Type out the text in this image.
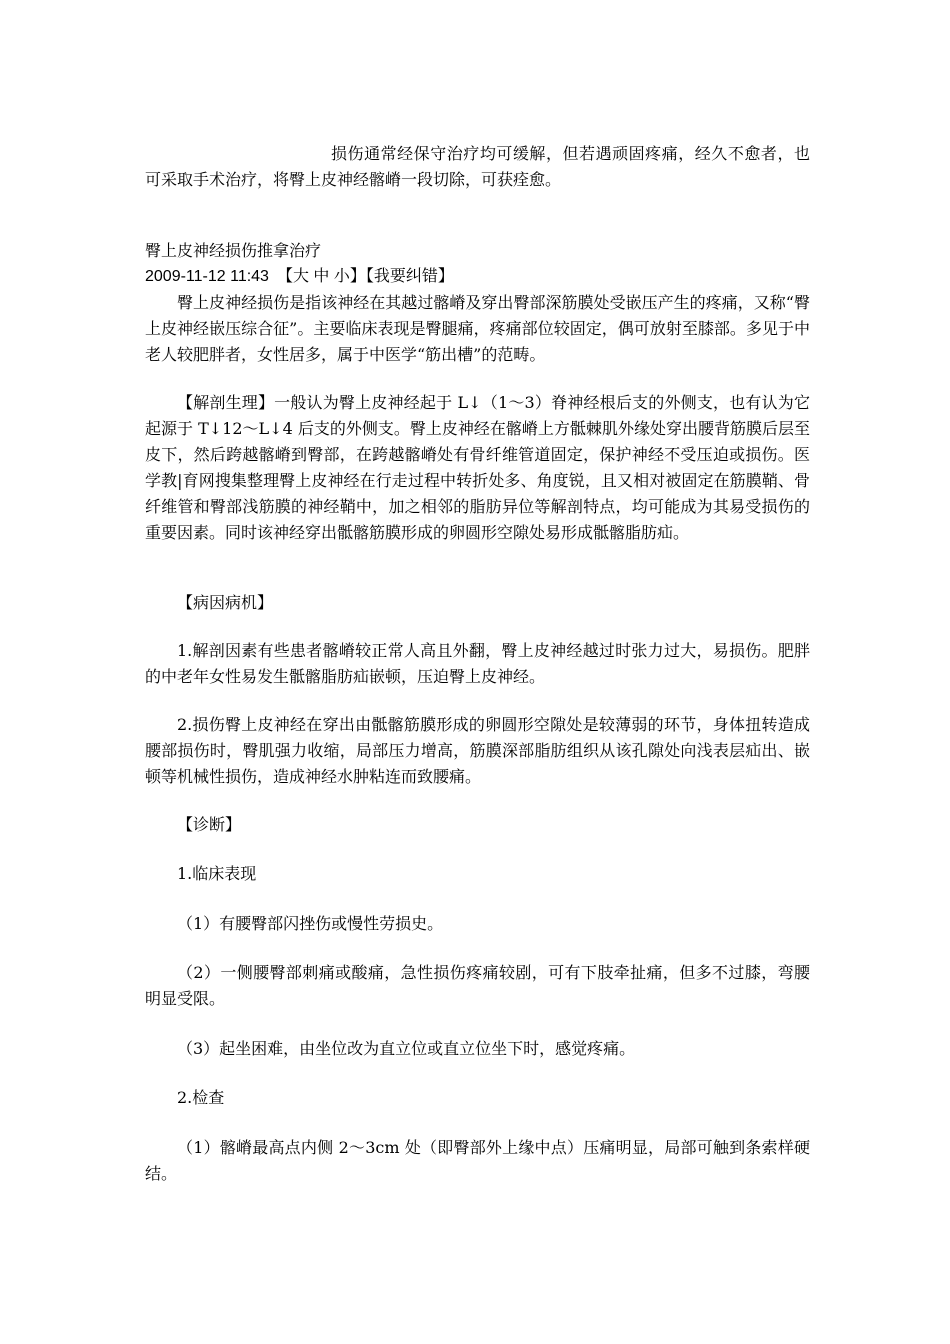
损伤通常经保守治疗均可缓解，但若遇顽固疼痛，经久不愈者，也可采取手术治疗，将臀上皮神经髂嵴一段切除，可获痊愈。

臀上皮神经损伤推拿治疗

2009-11-12 11:43　【大 中 小】【我要纠错】

臀上皮神经损伤是指该神经在其越过髂嵴及穿出臀部深筋膜处受嵌压产生的疼痛，又称“臀上皮神经嵌压综合征”。主要临床表现是臀腿痛，疼痛部位较固定，偶可放射至膝部。多见于中老人较肥胖者，女性居多，属于中医学“筋出槽”的范畴。

【解剖生理】一般认为臀上皮神经起于 L↓（1～3）脊神经根后支的外侧支，也有认为它起源于 T↓12～L↓4 后支的外侧支。臀上皮神经在髂嵴上方骶棘肌外缘处穿出腰背筋膜后层至皮下，然后跨越髂嵴到臀部，在跨越髂嵴处有骨纤维管道固定，保护神经不受压迫或损伤。医学教|育网搜集整理臀上皮神经在行走过程中转折处多、角度锐，且又相对被固定在筋膜鞘、骨纤维管和臀部浅筋膜的神经鞘中，加之相邻的脂肪异位等解剖特点，均可能成为其易受损伤的重要因素。同时该神经穿出骶髂筋膜形成的卵圆形空隙处易形成骶髂脂肪疝。

【病因病机】

1.解剖因素有些患者髂嵴较正常人高且外翻，臀上皮神经越过时张力过大，易损伤。肥胖的中老年女性易发生骶髂脂肪疝嵌顿，压迫臀上皮神经。

2.损伤臀上皮神经在穿出由骶髂筋膜形成的卵圆形空隙处是较薄弱的环节，身体扭转造成腰部损伤时，臀肌强力收缩，局部压力增高，筋膜深部脂肪组织从该孔隙处向浅表层疝出、嵌顿等机械性损伤，造成神经水肿粘连而致腰痛。

【诊断】

1.临床表现

（1）有腰臀部闪挫伤或慢性劳损史。

（2）一侧腰臀部刺痛或酸痛，急性损伤疼痛较剧，可有下肢牵扯痛，但多不过膝，弯腰明显受限。

（3）起坐困难，由坐位改为直立位或直立位坐下时，感觉疼痛。

2.检查

（1）髂嵴最高点内侧 2～3cm 处（即臀部外上缘中点）压痛明显，局部可触到条索样硬结。
